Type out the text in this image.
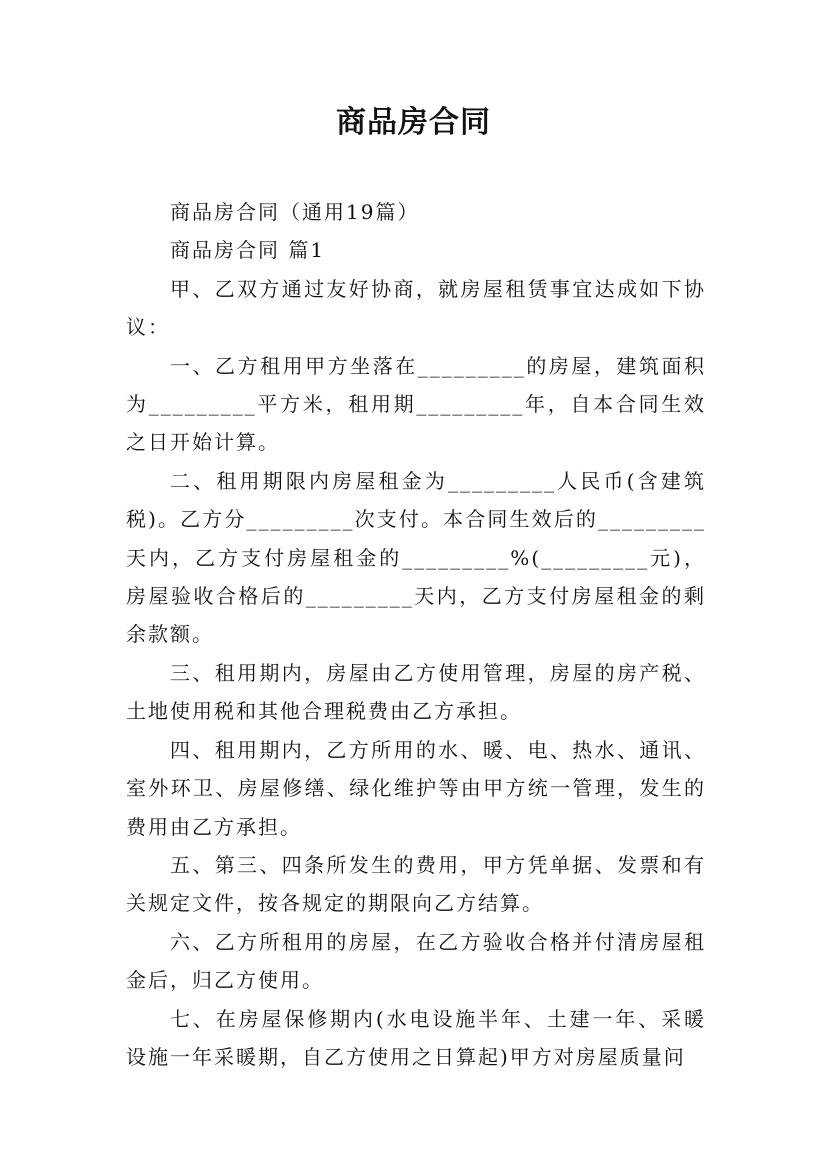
商品房合同

商品房合同（通用19篇）

商品房合同 篇1

甲、乙双方通过友好协商，就房屋租赁事宜达成如下协议：

一、乙方租用甲方坐落在_________的房屋，建筑面积为_________平方米，租用期_________年，自本合同生效之日开始计算。

二、租用期限内房屋租金为_________人民币(含建筑税)。乙方分_________次支付。本合同生效后的_________天内，乙方支付房屋租金的_________%(_________元)，房屋验收合格后的_________天内，乙方支付房屋租金的剩余款额。

三、租用期内，房屋由乙方使用管理，房屋的房产税、土地使用税和其他合理税费由乙方承担。

四、租用期内，乙方所用的水、暖、电、热水、通讯、室外环卫、房屋修缮、绿化维护等由甲方统一管理，发生的费用由乙方承担。

五、第三、四条所发生的费用，甲方凭单据、发票和有关规定文件，按各规定的期限向乙方结算。

六、乙方所租用的房屋，在乙方验收合格并付清房屋租金后，归乙方使用。

七、在房屋保修期内(水电设施半年、土建一年、采暖设施一年采暖期，自乙方使用之日算起)甲方对房屋质量问
